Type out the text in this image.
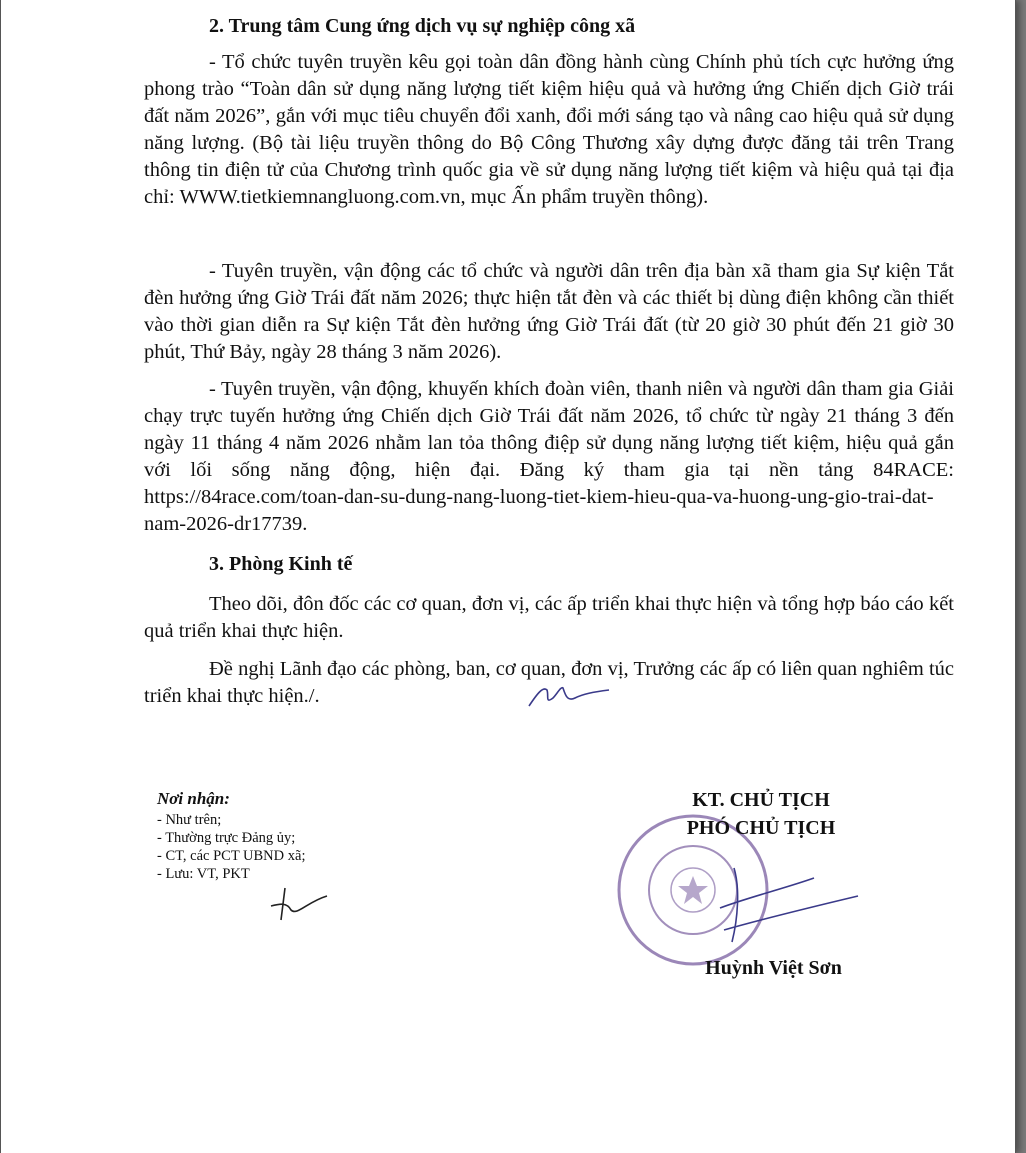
2. Trung tâm Cung ứng dịch vụ sự nghiệp công xã

- Tổ chức tuyên truyền kêu gọi toàn dân đồng hành cùng Chính phủ tích cực hưởng ứng phong trào “Toàn dân sử dụng năng lượng tiết kiệm hiệu quả và hưởng ứng Chiến dịch Giờ trái đất năm 2026”, gắn với mục tiêu chuyển đổi xanh, đổi mới sáng tạo và nâng cao hiệu quả sử dụng năng lượng. (Bộ tài liệu truyền thông do Bộ Công Thương xây dựng được đăng tải trên Trang thông tin điện tử của Chương trình quốc gia về sử dụng năng lượng tiết kiệm và hiệu quả tại địa chỉ: WWW.tietkiemnangluong.com.vn, mục Ấn phẩm truyền thông).

- Tuyên truyền, vận động các tổ chức và người dân trên địa bàn xã tham gia Sự kiện Tắt đèn hưởng ứng Giờ Trái đất năm 2026; thực hiện tắt đèn và các thiết bị dùng điện không cần thiết vào thời gian diễn ra Sự kiện Tắt đèn hưởng ứng Giờ Trái đất (từ 20 giờ 30 phút đến 21 giờ 30 phút, Thứ Bảy, ngày 28 tháng 3 năm 2026).

- Tuyên truyền, vận động, khuyến khích đoàn viên, thanh niên và người dân tham gia Giải chạy trực tuyến hưởng ứng Chiến dịch Giờ Trái đất năm 2026, tổ chức từ ngày 21 tháng 3 đến ngày 11 tháng 4 năm 2026 nhằm lan tỏa thông điệp sử dụng năng lượng tiết kiệm, hiệu quả gắn với lối sống năng động, hiện đại. Đăng ký tham gia tại nền tảng 84RACE: https://84race.com/toan-dan-su-dung-nang-luong-tiet-kiem-hieu-qua-va-huong-ung-gio-trai-dat-nam-2026-dr17739.

3. Phòng Kinh tế

Theo dõi, đôn đốc các cơ quan, đơn vị, các ấp triển khai thực hiện và tổng hợp báo cáo kết quả triển khai thực hiện.

Đề nghị Lãnh đạo các phòng, ban, cơ quan, đơn vị, Trưởng các ấp có liên quan nghiêm túc triển khai thực hiện./.

Nơi nhận:
- Như trên;
- Thường trực Đảng ủy;
- CT, các PCT UBND xã;
- Lưu: VT, PKT
KT. CHỦ TỊCH
PHÓ CHỦ TỊCH
Huỳnh Việt Sơn
